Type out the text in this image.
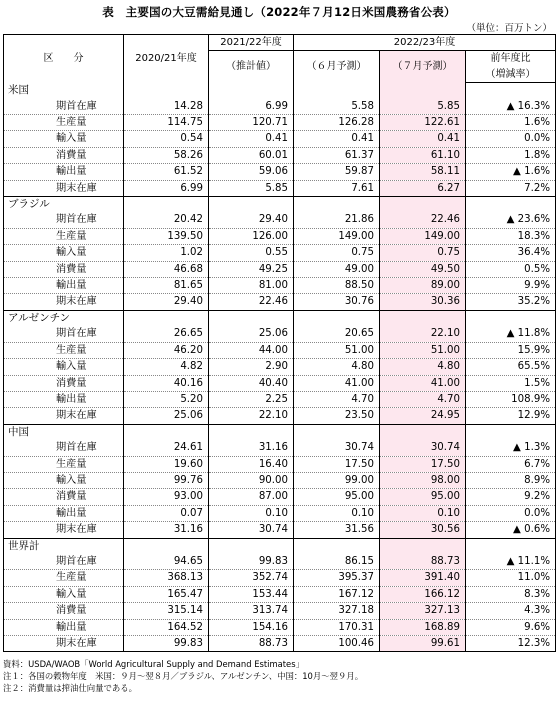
表　主要国の大豆需給見通し（2022年７月12日米国農務省公表）
（単位：百万トン）
区　　分	2020/21年度	2021/22年度	2022/23年度		
		（推計値）	（６月予測）	（７月予測）	前年度比
					（増減率）
米国					
期首在庫	14.28	6.99	5.58	5.85	▲ 16.3%
生産量	114.75	120.71	126.28	122.61	1.6%
輸入量	0.54	0.41	0.41	0.41	0.0%
消費量	58.26	60.01	61.37	61.10	1.8%
輸出量	61.52	59.06	59.87	58.11	▲ 1.6%
期末在庫	6.99	5.85	7.61	6.27	7.2%
ブラジル					
期首在庫	20.42	29.40	21.86	22.46	▲ 23.6%
生産量	139.50	126.00	149.00	149.00	18.3%
輸入量	1.02	0.55	0.75	0.75	36.4%
消費量	46.68	49.25	49.00	49.50	0.5%
輸出量	81.65	81.00	88.50	89.00	9.9%
期末在庫	29.40	22.46	30.76	30.36	35.2%
アルゼンチン					
期首在庫	26.65	25.06	20.65	22.10	▲ 11.8%
生産量	46.20	44.00	51.00	51.00	15.9%
輸入量	4.82	2.90	4.80	4.80	65.5%
消費量	40.16	40.40	41.00	41.00	1.5%
輸出量	5.20	2.25	4.70	4.70	108.9%
期末在庫	25.06	22.10	23.50	24.95	12.9%
中国					
期首在庫	24.61	31.16	30.74	30.74	▲ 1.3%
生産量	19.60	16.40	17.50	17.50	6.7%
輸入量	99.76	90.00	99.00	98.00	8.9%
消費量	93.00	87.00	95.00	95.00	9.2%
輸出量	0.07	0.10	0.10	0.10	0.0%
期末在庫	31.16	30.74	31.56	30.56	▲ 0.6%
世界計					
期首在庫	94.65	99.83	86.15	88.73	▲ 11.1%
生産量	368.13	352.74	395.37	391.40	11.0%
輸入量	165.47	153.44	167.12	166.12	8.3%
消費量	315.14	313.74	327.18	327.13	4.3%
輸出量	164.52	154.16	170.31	168.89	9.6%
期末在庫	99.83	88.73	100.46	99.61	12.3%
資料：USDA/WAOB「World Agricultural Supply and Demand Estimates」
注１：各国の穀物年度　米国：９月～翌８月／ブラジル、アルゼンチン、中国：10月～翌９月。
注２：消費量は搾油仕向量である。
